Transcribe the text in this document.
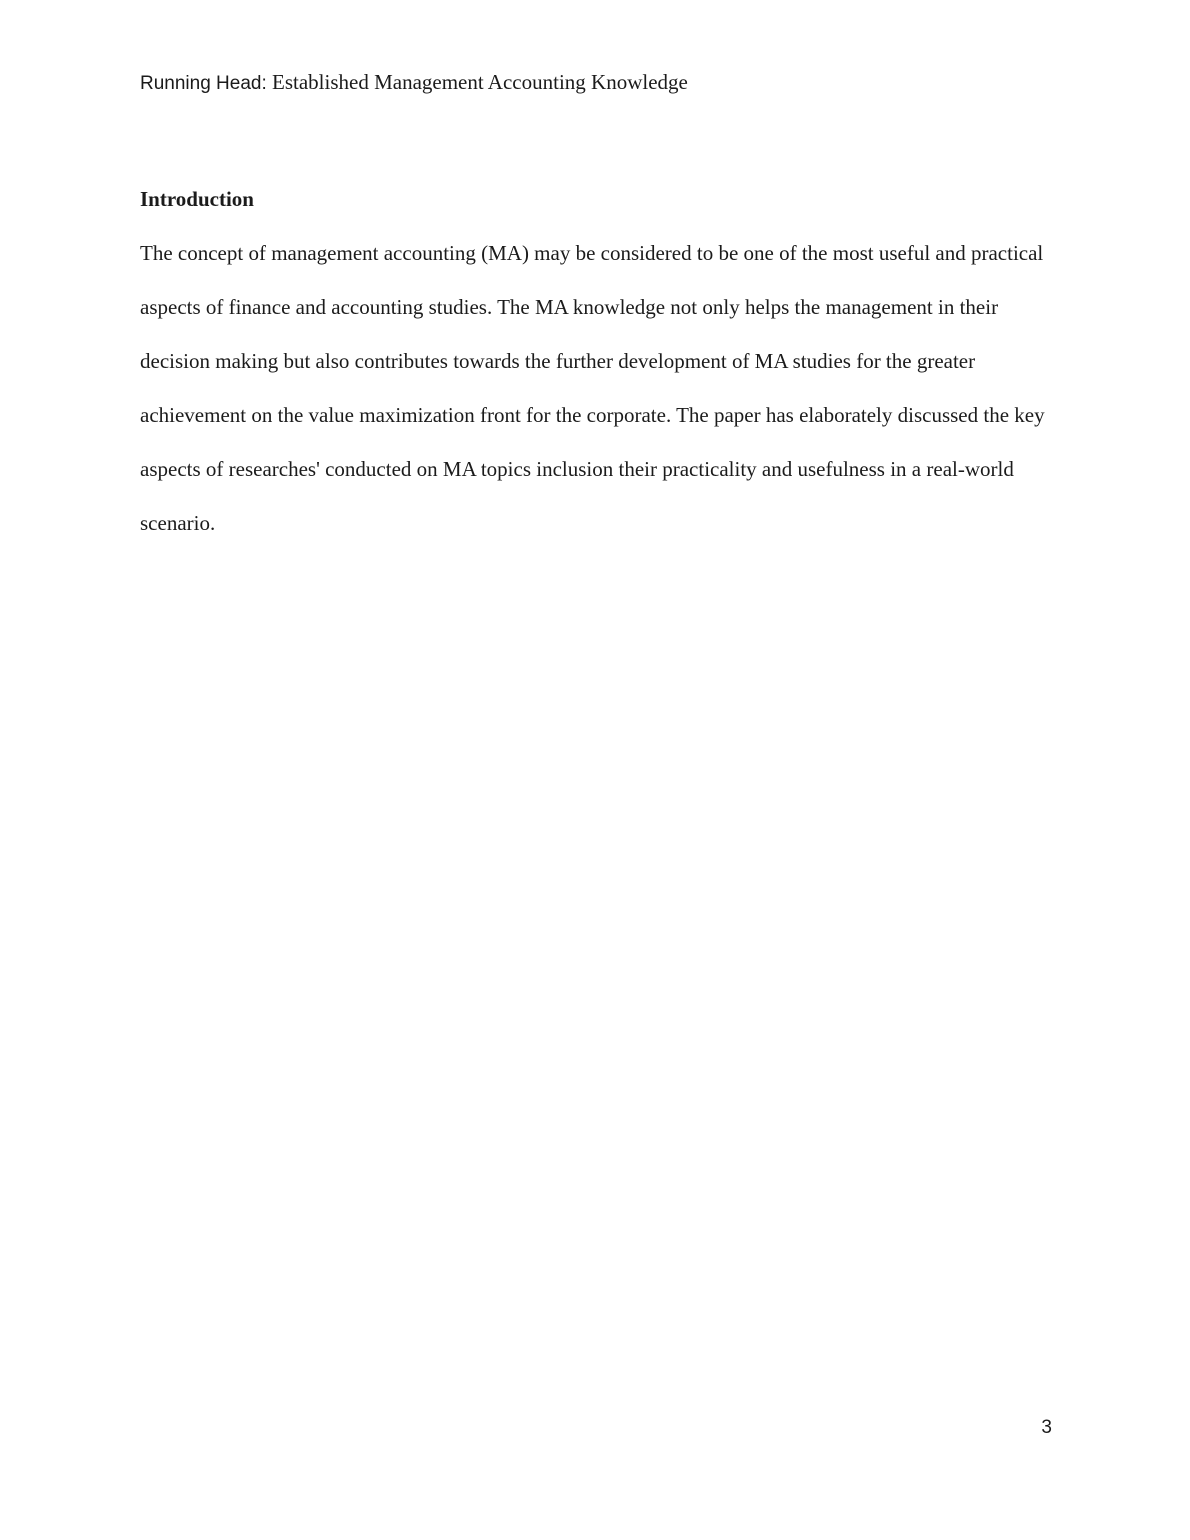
Running Head: Established Management Accounting Knowledge
Introduction
The concept of management accounting (MA) may be considered to be one of the most useful and practical aspects of finance and accounting studies. The MA knowledge not only helps the management in their decision making but also contributes towards the further development of MA studies for the greater achievement on the value maximization front for the corporate. The paper has elaborately discussed the key aspects of researches' conducted on MA topics inclusion their practicality and usefulness in a real-world scenario.
3
